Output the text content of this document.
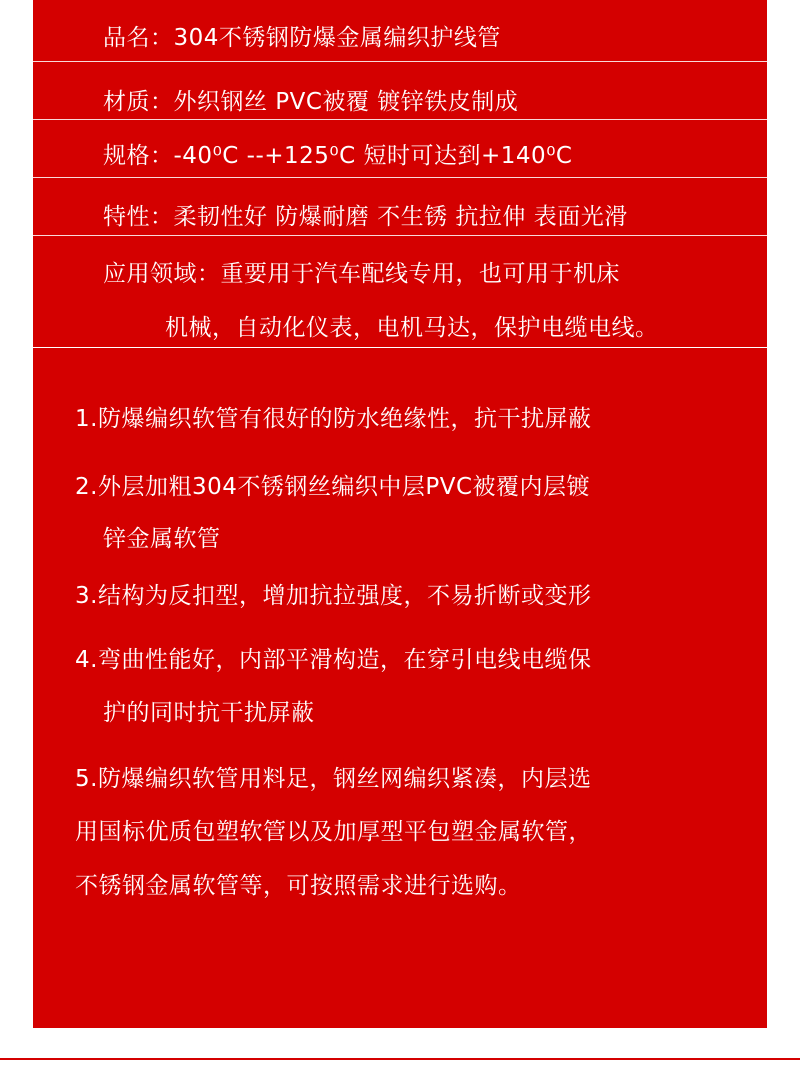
品名：304不锈钢防爆金属编织护线管
材质：外织钢丝 PVC被覆 镀锌铁皮制成
规格：-40⁰C --+125⁰C 短时可达到+140⁰C
特性：柔韧性好 防爆耐磨 不生锈 抗拉伸 表面光滑
应用领域：重要用于汽车配线专用，也可用于机床
机械，自动化仪表，电机马达，保护电缆电线。
1.防爆编织软管有很好的防水绝缘性，抗干扰屏蔽
2.外层加粗304不锈钢丝编织中层PVC被覆内层镀
锌金属软管
3.结构为反扣型，增加抗拉强度，不易折断或变形
4.弯曲性能好，内部平滑构造，在穿引电线电缆保
护的同时抗干扰屏蔽
5.防爆编织软管用料足，钢丝网编织紧凑，内层选
用国标优质包塑软管以及加厚型平包塑金属软管，
不锈钢金属软管等，可按照需求进行选购。
